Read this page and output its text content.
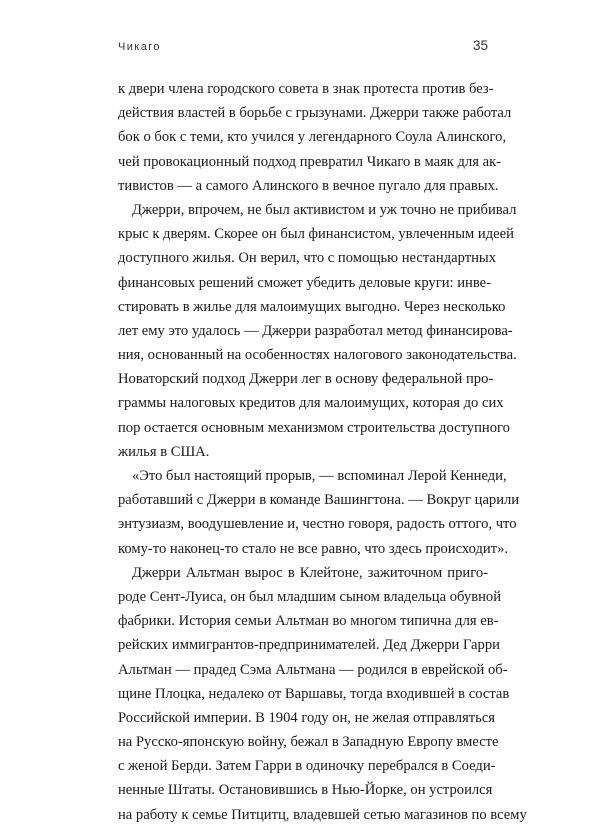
Чикаго	35
к двери члена городского совета в знак протеста против без-
действия властей в борьбе с грызунами. Джерри также работал
бок о бок с теми, кто учился у легендарного Соула Алинского,
чей провокационный подход превратил Чикаго в маяк для ак-
тивистов — а самого Алинского в вечное пугало для правых.
Джерри, впрочем, не был активистом и уж точно не прибивал
крыс к дверям. Скорее он был финансистом, увлеченным идеей
доступного жилья. Он верил, что с помощью нестандартных
финансовых решений сможет убедить деловые круги: инве-
стировать в жилье для малоимущих выгодно. Через несколько
лет ему это удалось — Джерри разработал метод финансирова-
ния, основанный на особенностях налогового законодательства.
Новаторский подход Джерри лег в основу федеральной про-
граммы налоговых кредитов для малоимущих, которая до сих
пор остается основным механизмом строительства доступного
жилья в США.
«Это был настоящий прорыв, — вспоминал Лерой Кеннеди,
работавший с Джерри в команде Вашингтона. — Вокруг царили
энтузиазм, воодушевление и, честно говоря, радость оттого, что
кому-то наконец-то стало не все равно, что здесь происходит».
Джерри Альтман вырос в Клейтоне, зажиточном приго-
роде Сент-Луиса, он был младшим сыном владельца обувной
фабрики. История семьи Альтман во многом типична для ев-
рейских иммигрантов-предпринимателей. Дед Джерри Гарри
Альтман — прадед Сэма Альтмана — родился в еврейской об-
щине Плоцка, недалеко от Варшавы, тогда входившей в состав
Российской империи. В 1904 году он, не желая отправляться
на Русско-японскую войну, бежал в Западную Европу вместе
с женой Берди. Затем Гарри в одиночку перебрался в Соеди-
ненные Штаты. Остановившись в Нью-Йорке, он устроился
на работу к семье Питцитц, владевшей сетью магазинов по всему
